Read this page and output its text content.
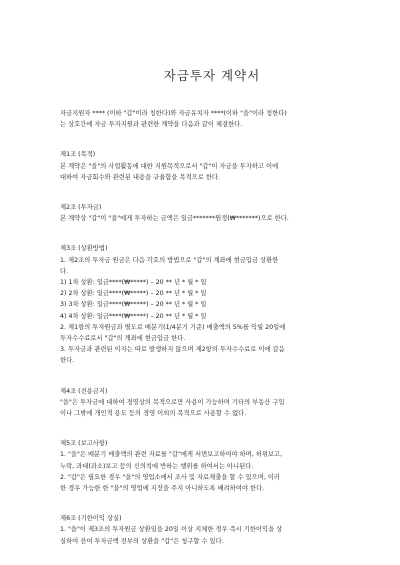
자금투자 계약서
자금지원자 **** (이하 "갑"이라 칭한다)와 자금유치자 ****(이하 "을"이라 칭한다)
는 상호간에 자금 투자지원과 관련한 계약을 다음과 같이 체결한다.
제1조 (목적)
본 계약은 "을"의 사업활동에 대한 지원목적으로서 "갑"이 자금을 투자하고 이에
대하여 자금회수와 관련된 내용을 규율함을 목적으로 한다.
제2조 (투자금)
본 계약상 "갑"이 "을"에게 투자하는 금액은 일금*******원정(₩*******)으로 한다.
제3조 (상환방법)
1. 제2조의 투자금 원금은 다음 각호의 방법으로 "갑"의 계좌에 현금입금 상환한
다.
1) 1차 상환: 일금****(₩*****) – 20 ** 년 * 월 * 일
2) 2차 상환: 일금****(₩*****) – 20 ** 년 * 월 * 일
3) 3차 상환: 일금****(₩*****) – 20 ** 년 * 월 * 일
4) 4차 상환: 일금****(₩*****) – 20 ** 년 * 월 * 일
2. 제1항의 투자원금과 별도로 매분기(1/4분기 기준) 매출액의 5%를 익월 20일에
투자수수료로서 "갑"의 계좌에 현금입금 한다.
3. 투자금과 관련된 이자는 따로 발생하지 않으며 제2항의 투자수수료로 이에 갈음
한다.
제4조 (전용금지)
"을"은 투자금에 대하여 경영상의 목적으로만 사용이 가능하며 기타의 부동산 구입
이나 그밖에 개인적 용도 등의 경영 이외의 목적으로 사용할 수 없다.
제5조 (보고사항)
1. "을"은 매분기 매출액의 관련 자료를 "갑"에게 서면보고하여야 하며, 허위보고,
누락, 과대(과소)보고 등의 신의칙에 반하는 행위를 하여서는 아니된다.
2. "갑"은 필요한 경우 "을"의 영업소에서 조사 및 자료제출을 할 수 있으며, 이러
한 경우 가능한 한 "을"의 영업에 지장을 주지 아니하도록 배려하여야 한다.
제6조 (기한이익 상실)
1. "을"이 제3조의 투자원금 상환일을 20일 이상 지체한 경우 즉시 기한이익을 상
실하여 잔여 투자금액 전부의 상환을 "갑"은 청구할 수 있다.
